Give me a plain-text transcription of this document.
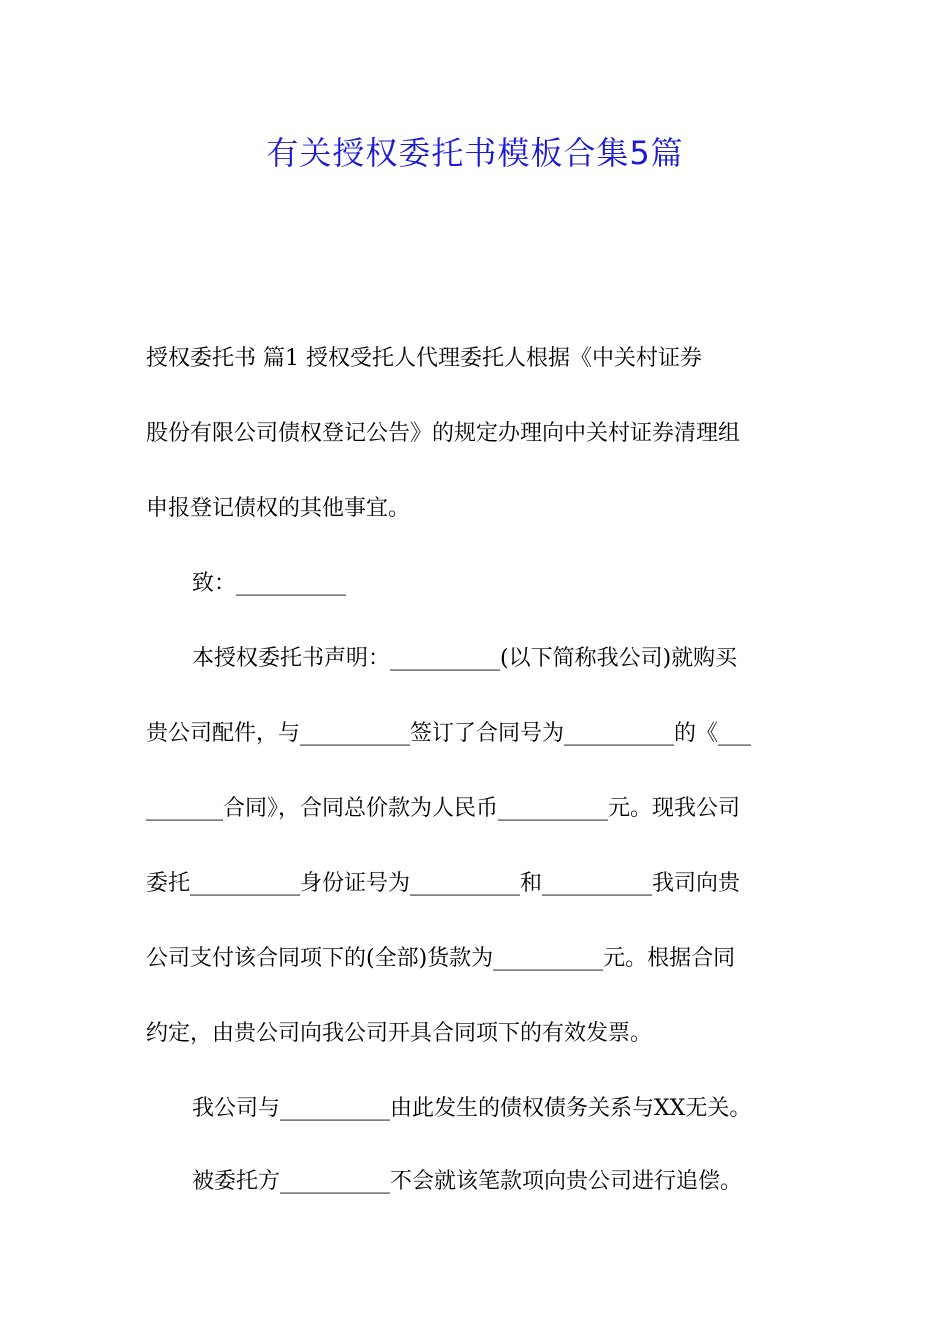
有关授权委托书模板合集5篇
授权委托书 篇1 授权受托人代理委托人根据《中关村证券
股份有限公司债权登记公告》的规定办理向中关村证券清理组
申报登记债权的其他事宜。
致：__________
本授权委托书声明：__________(以下简称我公司)就购买
贵公司配件，与__________签订了合同号为__________的《___
_______合同》，合同总价款为人民币__________元。现我公司
委托__________身份证号为__________和__________我司向贵
公司支付该合同项下的(全部)货款为__________元。根据合同
约定，由贵公司向我公司开具合同项下的有效发票。
我公司与__________由此发生的债权债务关系与XX无关。
被委托方__________不会就该笔款项向贵公司进行追偿。
